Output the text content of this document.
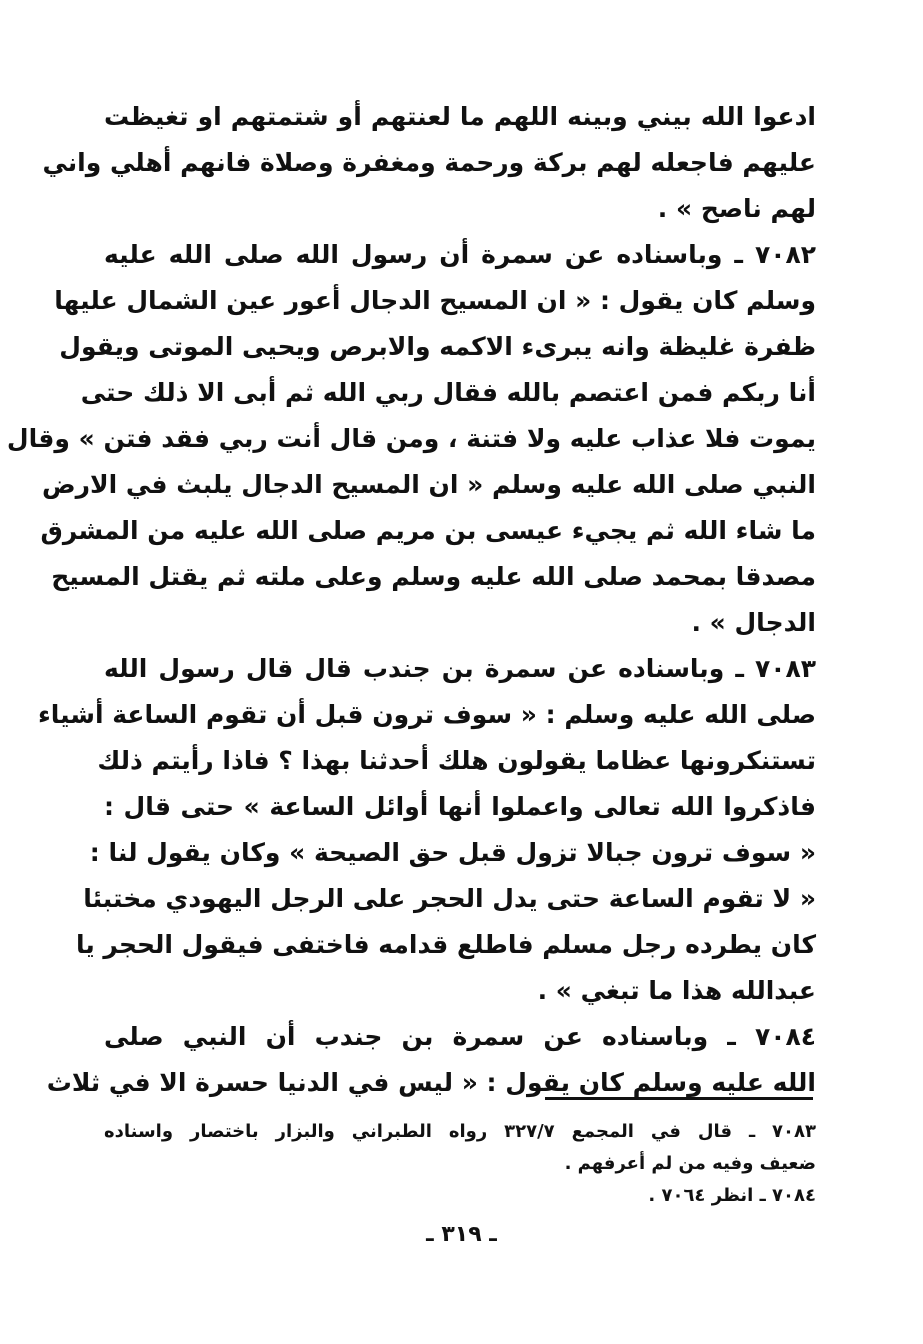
ادعوا الله بيني وبينه اللهم ما لعنتهم أو شتمتهم او تغيظت
عليهم فاجعله لهم بركة ورحمة ومغفرة وصلاة فانهم أهلي واني
لهم ناصح » .
٧٠٨٢ ـ وباسناده عن سمرة أن رسول الله صلى الله عليه
وسلم كان يقول : « ان المسيح الدجال أعور عين الشمال عليها
ظفرة غليظة وانه يبرىء الاكمه والابرص ويحيى الموتى ويقول
أنا ربكم فمن اعتصم بالله فقال ربي الله ثم أبى الا ذلك حتى
يموت فلا عذاب عليه ولا فتنة ، ومن قال أنت ربي فقد فتن » وقال
النبي صلى الله عليه وسلم « ان المسيح الدجال يلبث في الارض
ما شاء الله ثم يجيء عيسى بن مريم صلى الله عليه من المشرق
مصدقا بمحمد صلى الله عليه وسلم وعلى ملته ثم يقتل المسيح
الدجال » .
٧٠٨٣ ـ وباسناده عن سمرة بن جندب قال قال رسول الله
صلى الله عليه وسلم : « سوف ترون قبل أن تقوم الساعة أشياء
تستنكرونها عظاما يقولون هلك أحدثنا بهذا ؟ فاذا رأيتم ذلك
فاذكروا الله تعالى واعملوا أنها أوائل الساعة » حتى قال :
« سوف ترون جبالا تزول قبل حق الصيحة » وكان يقول لنا :
« لا تقوم الساعة حتى يدل الحجر على الرجل اليهودي مختبئا
كان يطرده رجل مسلم فاطلع قدامه فاختفى فيقول الحجر يا
عبدالله هذا ما تبغي » .
٧٠٨٤ ـ وباسناده عن سمرة بن جندب أن النبي صلى
الله عليه وسلم كان يقول : « ليس في الدنيا حسرة الا في ثلاث
٧٠٨٣ ـ قال في المجمع ٣٢٧/٧ رواه الطبراني والبزار باختصار واسناده
ضعيف وفيه من لم أعرفهم .
٧٠٨٤ ـ انظر ٧٠٦٤ .
ـ ٣١٩ ـ
